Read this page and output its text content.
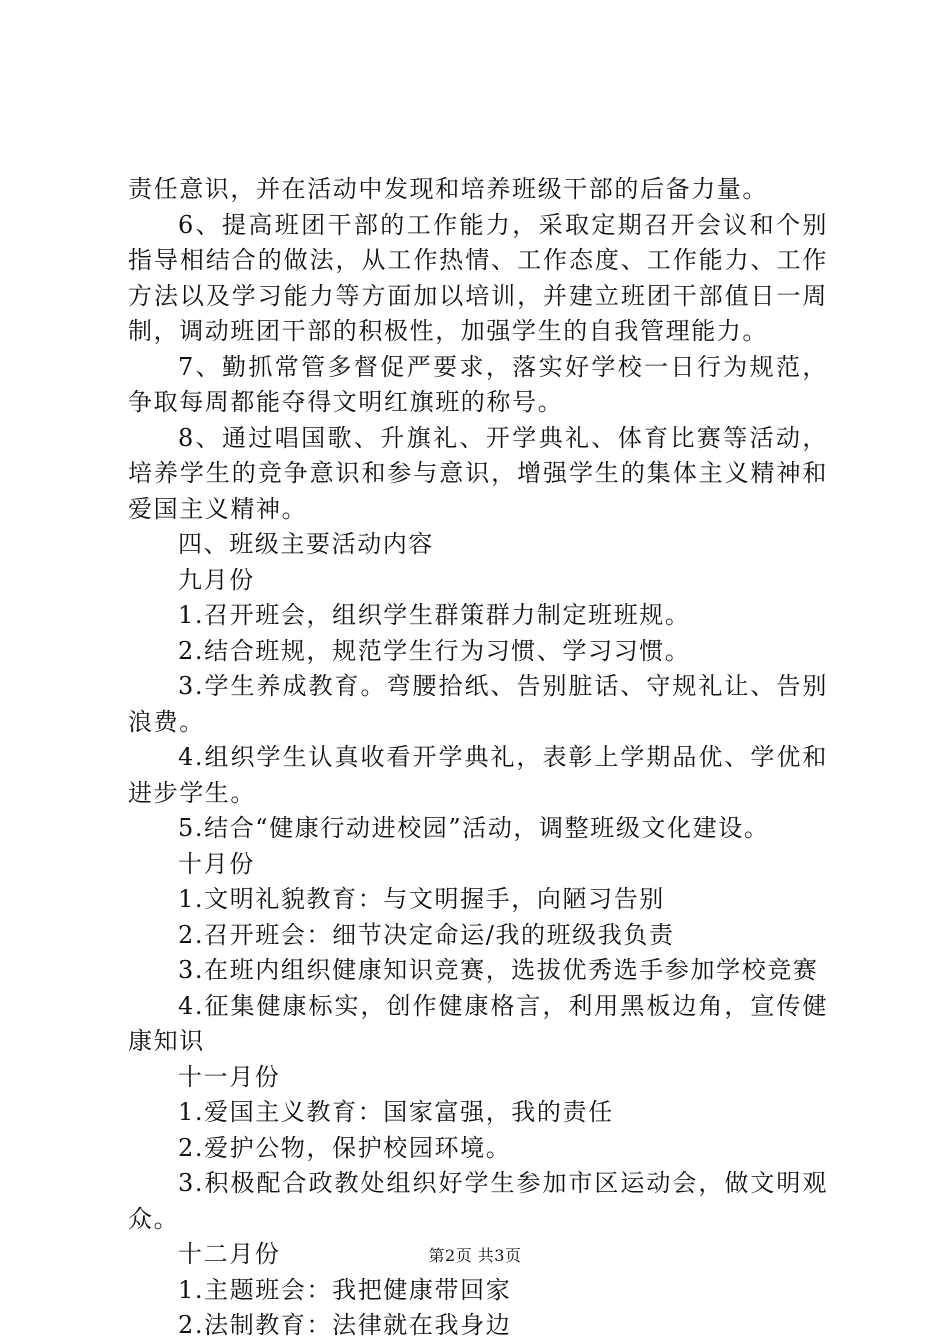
责任意识，并在活动中发现和培养班级干部的后备力量。

6、提高班团干部的工作能力，采取定期召开会议和个别指导相结合的做法，从工作热情、工作态度、工作能力、工作方法以及学习能力等方面加以培训，并建立班团干部值日一周制，调动班团干部的积极性，加强学生的自我管理能力。

7、勤抓常管多督促严要求，落实好学校一日行为规范，争取每周都能夺得文明红旗班的称号。

8、通过唱国歌、升旗礼、开学典礼、体育比赛等活动，培养学生的竞争意识和参与意识，增强学生的集体主义精神和爱国主义精神。

四、班级主要活动内容

九月份

1.召开班会，组织学生群策群力制定班班规。

2.结合班规，规范学生行为习惯、学习习惯。

3.学生养成教育。弯腰拾纸、告别脏话、守规礼让、告别浪费。

4.组织学生认真收看开学典礼，表彰上学期品优、学优和进步学生。

5.结合“健康行动进校园”活动，调整班级文化建设。

十月份

1.文明礼貌教育：与文明握手，向陋习告别

2.召开班会：细节决定命运/我的班级我负责

3.在班内组织健康知识竞赛，选拔优秀选手参加学校竞赛

4.征集健康标实，创作健康格言，利用黑板边角，宣传健康知识

十一月份

1.爱国主义教育：国家富强，我的责任

2.爱护公物，保护校园环境。

3.积极配合政教处组织好学生参加市区运动会，做文明观众。

十二月份

1.主题班会：我把健康带回家

2.法制教育：法律就在我身边

第2页 共3页
